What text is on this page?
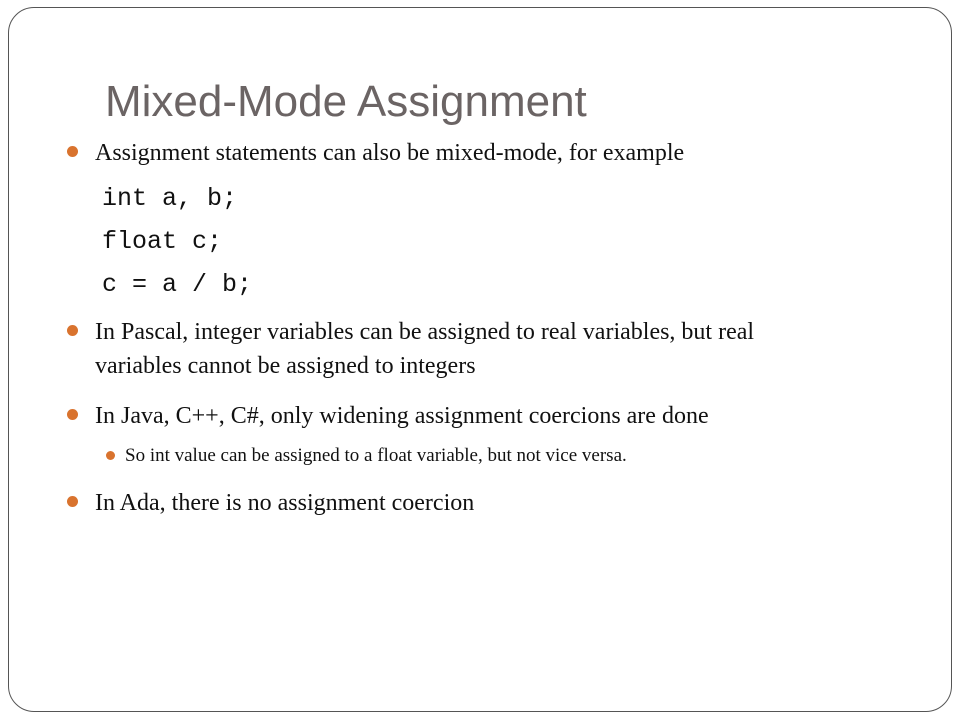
Mixed-Mode Assignment
Assignment statements can also be mixed-mode, for example
int a, b;
float c;
c = a / b;
In Pascal, integer variables can be assigned to real variables, but real variables cannot be assigned to integers
In Java, C++, C#, only widening assignment coercions are done
So int value can be assigned to a float variable, but not vice versa.
In Ada, there is no assignment coercion
